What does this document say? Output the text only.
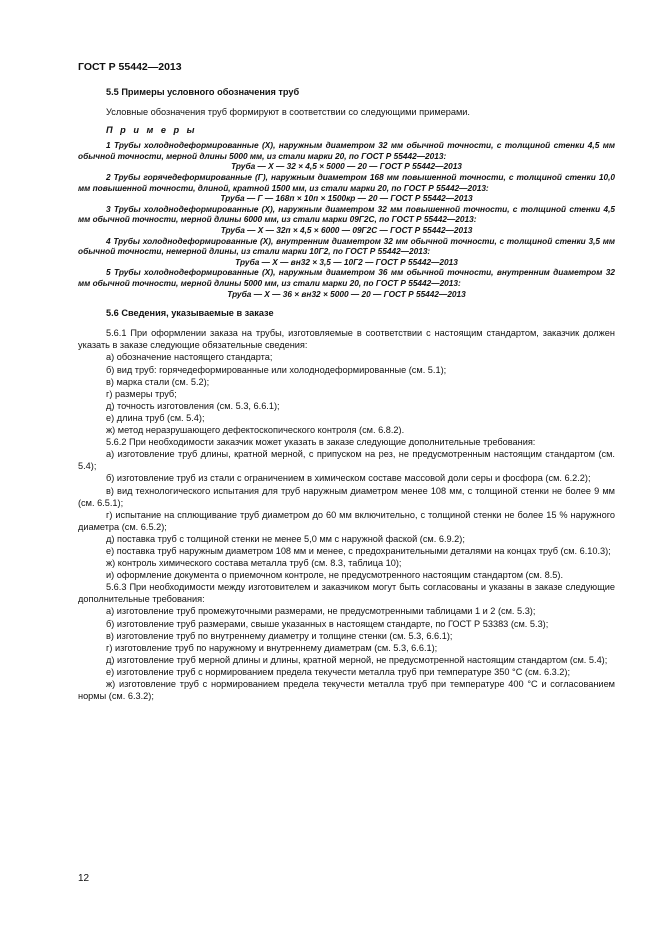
ГОСТ Р 55442—2013

5.5 Примеры условного обозначения труб

Условные обозначения труб формируют в соответствии со следующими примерами.

П р и м е р ы

1 Трубы холоднодеформированные (Х), наружным диаметром 32 мм обычной точности, с толщиной стенки 4,5 мм обычной точности, мерной длины 5000 мм, из стали марки 20, по ГОСТ Р 55442—2013:

Труба — Х — 32 × 4,5 × 5000 — 20 — ГОСТ Р 55442—2013

2 Трубы горячедеформированные (Г), наружным диаметром 168 мм повышенной точности, с толщиной стенки 10,0 мм повышенной точности, длиной, кратной 1500 мм, из стали марки 20, по ГОСТ Р 55442—2013:

Труба — Г — 168п × 10п × 1500кр — 20 — ГОСТ Р 55442—2013

3 Трубы холоднодеформированные (Х), наружным диаметром 32 мм повышенной точности, с толщиной стенки 4,5 мм обычной точности, мерной длины 6000 мм, из стали марки 09Г2С, по ГОСТ Р 55442—2013:

Труба — Х — 32п × 4,5 × 6000 — 09Г2С — ГОСТ Р 55442—2013

4 Трубы холоднодеформированные (Х), внутренним диаметром 32 мм обычной точности, с толщиной стенки 3,5 мм обычной точности, немерной длины, из стали марки 10Г2, по ГОСТ Р 55442—2013:

Труба — Х — вн32 × 3,5 — 10Г2 — ГОСТ Р 55442—2013

5 Трубы холоднодеформированные (Х), наружным диаметром 36 мм обычной точности, внутренним диаметром 32 мм обычной точности, мерной длины 5000 мм, из стали марки 20, по ГОСТ Р 55442—2013:

Труба — Х — 36 × вн32 × 5000 — 20 — ГОСТ Р 55442—2013

5.6 Сведения, указываемые в заказе

5.6.1 При оформлении заказа на трубы, изготовляемые в соответствии с настоящим стандартом, заказчик должен указать в заказе следующие обязательные сведения:

а) обозначение настоящего стандарта;

б) вид труб: горячедеформированные или холоднодеформированные (см. 5.1);

в) марка стали (см. 5.2);

г) размеры труб;

д) точность изготовления (см. 5.3, 6.6.1);

е) длина труб (см. 5.4);

ж) метод неразрушающего дефектоскопического контроля (см. 6.8.2).

5.6.2 При необходимости заказчик может указать в заказе следующие дополнительные требования:

а) изготовление труб длины, кратной мерной, с припуском на рез, не предусмотренным настоящим стандартом (см. 5.4);

б) изготовление труб из стали с ограничением в химическом составе массовой доли серы и фосфора (см. 6.2.2);

в) вид технологического испытания для труб наружным диаметром менее 108 мм, с толщиной стенки не более 9 мм (см. 6.5.1);

г) испытание на сплющивание труб диаметром до 60 мм включительно, с толщиной стенки не более 15 % наружного диаметра (см. 6.5.2);

д) поставка труб с толщиной стенки не менее 5,0 мм с наружной фаской (см. 6.9.2);

е) поставка труб наружным диаметром 108 мм и менее, с предохранительными деталями на концах труб (см. 6.10.3);

ж) контроль химического состава металла труб (см. 8.3, таблица 10);

и) оформление документа о приемочном контроле, не предусмотренного настоящим стандартом (см. 8.5).

5.6.3 При необходимости между изготовителем и заказчиком могут быть согласованы и указаны в заказе следующие дополнительные требования:

а) изготовление труб промежуточными размерами, не предусмотренными таблицами 1 и 2 (см. 5.3);

б) изготовление труб размерами, свыше указанных в настоящем стандарте, по ГОСТ Р 53383 (см. 5.3);

в) изготовление труб по внутреннему диаметру и толщине стенки (см. 5.3, 6.6.1);

г) изготовление труб по наружному и внутреннему диаметрам (см. 5.3, 6.6.1);

д) изготовление труб мерной длины и длины, кратной мерной, не предусмотренной настоящим стандартом (см. 5.4);

е) изготовление труб с нормированием предела текучести металла труб при температуре 350 °С (см. 6.3.2);

ж) изготовление труб с нормированием предела текучести металла труб при температуре 400 °С и согласованием нормы (см. 6.3.2);

12
